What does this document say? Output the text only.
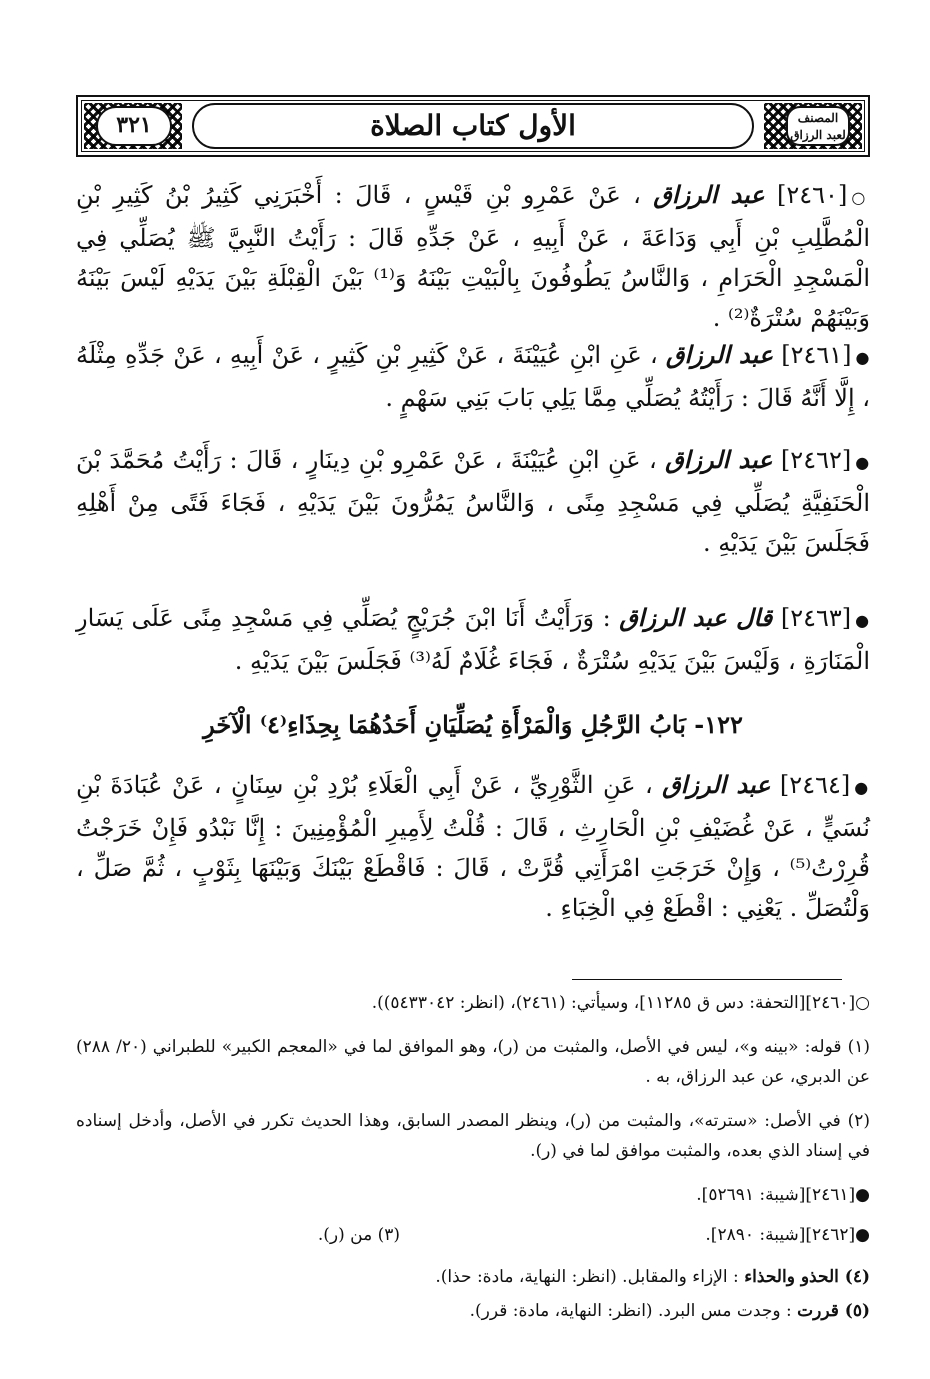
الأول كتاب الصلاة
٣٢١	المصنف لعبد الرزاق

○[٢٤٦٠] عبد الرزاق ، عَنْ عَمْرِو بْنِ قَيْسٍ ، قَالَ : أَخْبَرَنِي كَثِيرُ بْنُ كَثِيرِ بْنِ الْمُطَّلِبِ بْنِ أَبِي وَدَاعَةَ ، عَنْ أَبِيهِ ، عَنْ جَدِّهِ قَالَ : رَأَيْتُ النَّبِيَّ ﷺ يُصَلِّي فِي الْمَسْجِدِ الْحَرَامِ ، وَالنَّاسُ يَطُوفُونَ بِالْبَيْتِ بَيْنَهُ وَ⁽¹⁾ بَيْنَ الْقِبْلَةِ بَيْنَ يَدَيْهِ لَيْسَ بَيْنَهُ وَبَيْنَهُمْ سُتْرَةٌ⁽²⁾ .

●[٢٤٦١] عبد الرزاق ، عَنِ ابْنِ عُيَيْنَةَ ، عَنْ كَثِيرِ بْنِ كَثِيرٍ ، عَنْ أَبِيهِ ، عَنْ جَدِّهِ مِثْلَهُ ، إِلَّا أَنَّهُ قَالَ : رَأَيْتُهُ يُصَلِّي مِمَّا يَلِي بَابَ بَنِي سَهْمٍ .

●[٢٤٦٢] عبد الرزاق ، عَنِ ابْنِ عُيَيْنَةَ ، عَنْ عَمْرِو بْنِ دِينَارٍ ، قَالَ : رَأَيْتُ مُحَمَّدَ بْنَ الْحَنَفِيَّةِ يُصَلِّي فِي مَسْجِدِ مِنًى ، وَالنَّاسُ يَمُرُّونَ بَيْنَ يَدَيْهِ ، فَجَاءَ فَتًى مِنْ أَهْلِهِ فَجَلَسَ بَيْنَ يَدَيْهِ .

●[٢٤٦٣] قال عبد الرزاق : وَرَأَيْتُ أَنَا ابْنَ جُرَيْجٍ يُصَلِّي فِي مَسْجِدِ مِنًى عَلَى يَسَارِ الْمَنَارَةِ ، وَلَيْسَ بَيْنَ يَدَيْهِ سُتْرَةٌ ، فَجَاءَ غُلَامٌ لَهُ⁽³⁾ فَجَلَسَ بَيْنَ يَدَيْهِ .

١٢٢- بَابُ الرَّجُلِ وَالْمَرْأَةِ يُصَلِّيَانِ أَحَدُهُمَا بِحِذَاءِ⁽٤⁾ الْآخَرِ

●[٢٤٦٤] عبد الرزاق ، عَنِ الثَّوْرِيِّ ، عَنْ أَبِي الْعَلَاءِ بُرْدِ بْنِ سِنَانٍ ، عَنْ عُبَادَةَ بْنِ نُسَيٍّ ، عَنْ غُضَيْفِ بْنِ الْحَارِثِ ، قَالَ : قُلْتُ لِأَمِيرِ الْمُؤْمِنِينَ : إِنَّا نَبْدُو فَإِنْ خَرَجْتُ قُرِرْتُ⁽⁵⁾ ، وَإِنْ خَرَجَتِ امْرَأَتِي قُرَّتْ ، قَالَ : فَاقْطَعْ بَيْنَكَ وَبَيْنَهَا بِثَوْبٍ ، ثُمَّ صَلِّ ، وَلْتُصَلِّ . يَعْنِي : اقْطَعْ فِي الْخِبَاءِ .

○[٢٤٦٠][التحفة: دس ق ١١٢٨٥]، وسيأتي: (٢٤٦١)، (انظر: ٥٤٣٣٠٤٢)).

(١) قوله: «بينه و»، ليس في الأصل، والمثبت من (ر)، وهو الموافق لما في «المعجم الكبير» للطبراني (٢٠/ ٢٨٨) عن الدبري، عن عبد الرزاق، به .

(٢) في الأصل: «سترته»، والمثبت من (ر)، وينظر المصدر السابق، وهذا الحديث تكرر في الأصل، وأدخل إسناده في إسناد الذي بعده، والمثبت موافق لما في (ر).

●[٢٤٦١][شيبة: ٥٢٦٩١].

●[٢٤٦٢][شيبة: ٢٨٩٠].
(٣) من (ر).

(٤) الحذو والحذاء : الإزاء والمقابل. (انظر: النهاية، مادة: حذا).

(٥) قررت : وجدت مس البرد. (انظر: النهاية، مادة: قرر).
